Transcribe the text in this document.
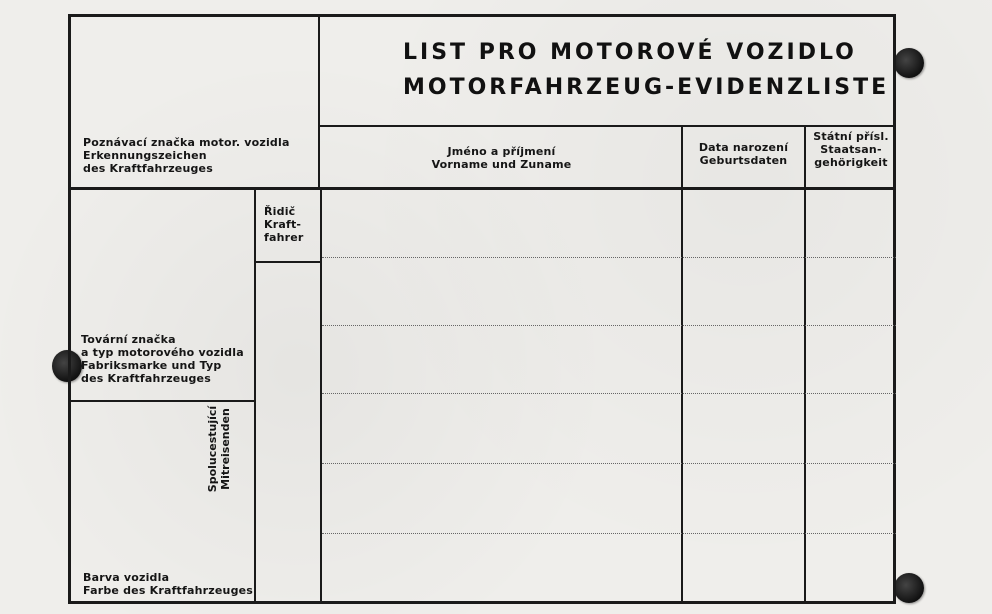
LIST PRO MOTOROVÉ VOZIDLO
MOTORFAHRZEUG-EVIDENZLISTE
Poznávací značka motor. vozidla
Erkennungszeichen
des Kraftfahrzeuges
Jméno a příjmení
Vorname und Zuname
Data narození
Geburtsdaten
Státní přísl.
Staatsan-
gehörigkeit
Řidič
Kraft-
fahrer
Spolucestující Mitreisenden
Tovární značka
a typ motorového vozidla
Fabriksmarke und Typ
des Kraftfahrzeuges
Barva vozidla
Farbe des Kraftfahrzeuges
